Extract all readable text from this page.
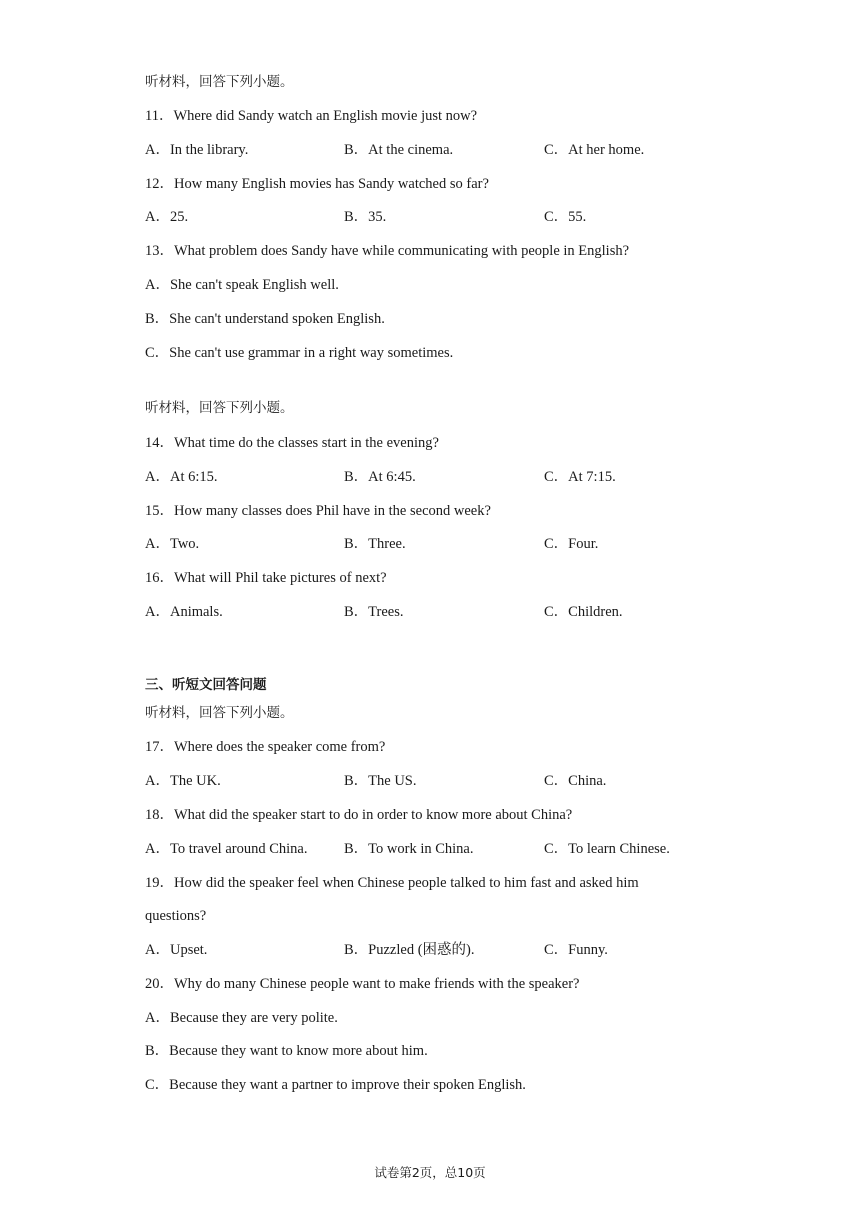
听材料，回答下列小题。
11．Where did Sandy watch an English movie just now?
A．In the library.	B．At the cinema.	C．At her home.
12．How many English movies has Sandy watched so far?
A．25.	B．35.	C．55.
13．What problem does Sandy have while communicating with people in English?
A．She can't speak English well.
B．She can't understand spoken English.
C．She can't use grammar in a right way sometimes.
听材料，回答下列小题。
14．What time do the classes start in the evening?
A．At 6:15.	B．At 6:45.	C．At 7:15.
15．How many classes does Phil have in the second week?
A．Two.	B．Three.	C．Four.
16．What will Phil take pictures of next?
A．Animals.	B．Trees.	C．Children.
三、听短文回答问题
听材料，回答下列小题。
17．Where does the speaker come from?
A．The UK.	B．The US.	C．China.
18．What did the speaker start to do in order to know more about China?
A．To travel around China.	B．To work in China.	C．To learn Chinese.
19．How did the speaker feel when Chinese people talked to him fast and asked him
questions?
A．Upset.	B．Puzzled (困惑的).	C．Funny.
20．Why do many Chinese people want to make friends with the speaker?
A．Because they are very polite.
B．Because they want to know more about him.
C．Because they want a partner to improve their spoken English.
试卷第2页，总10页
